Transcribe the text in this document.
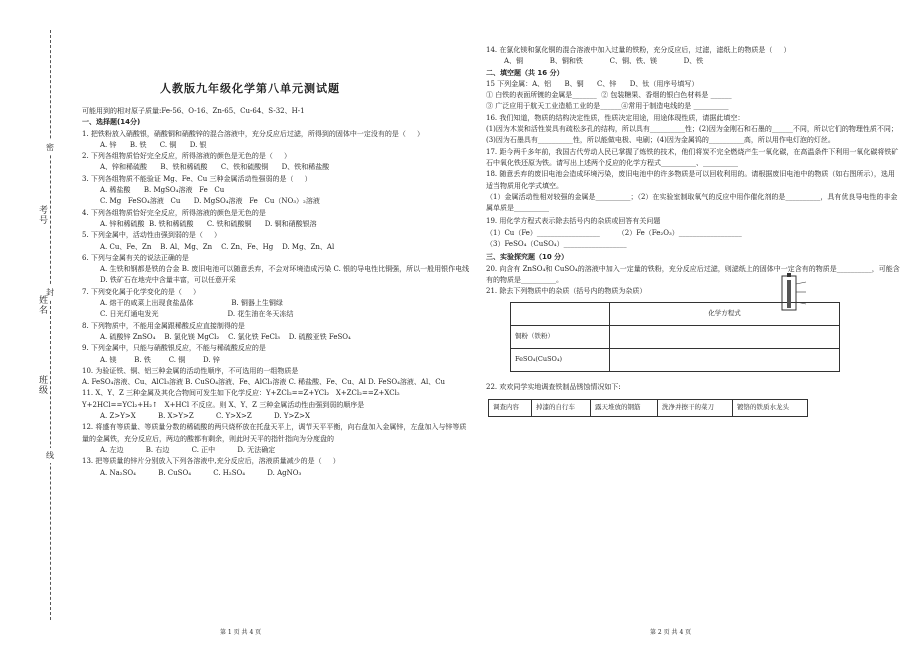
密
封
线
考号
姓名
班级
人教版九年级化学第八单元测试题

可能用到的相对原子质量:Fe-56、O-16、Zn-65、Cu-64、S-32、H-1

一、选择题(14分)

1. 把铁粉放入硝酸银，硝酸铜和硝酸锌的混合溶液中，充分反应后过滤，所得到的固体中一定没有的是（     ）

A. 锌      B. 铁      C. 铜      D. 银

2. 下列各组物质恰好完全反应，所得溶液的颜色是无色的是（     ）

A、锌和稀硫酸      B、铁和稀硫酸      C、铁和硫酸铜      D、铁和稀盐酸

3. 下列各组物质不能验证 Mg、Fe、Cu 三种金属活动性强弱的是（     ）

A. 稀盐酸      B. MgSO₄溶液   Fe   Cu

C. Mg   FeSO₄溶液   Cu      D. MgSO₄溶液   Fe   Cu（NO₃）₂溶液

4. 下列各组物质恰好完全反应，所得溶液的颜色是无色的是

A. 锌和稀硫酸  B. 铁和稀硫酸      C. 铁和硫酸铜      D. 铜和硝酸银溶

5. 下列金属中，活动性由强到弱的是（     ）

A. Cu、Fe、Zn    B. Al、Mg、Zn    C. Zn、Fe、Hg    D. Mg、Zn、Al

6. 下列与金属有关的说法正确的是

A. 生铁和钢都是铁的合金 B. 废旧电池可以随意丢弃，不会对环境造成污染 C. 银的导电性比铜强，所以一般用银作电线     D. 铁矿石在地壳中含量丰富，可以任意开采

7. 下列变化属于化学变化的是（     ）

A. 熔干的咸菜上出现食盐晶体                 B. 铜器上生铜绿

C. 日光灯通电发光                               D. 花生油在冬天冻结

8. 下列物质中，不能用金属跟稀酸反应直接制得的是

A. 硫酸锌 ZnSO₄    B. 氯化镁 MgCl₂    C. 氯化铁 FeCl₃    D. 硫酸亚铁 FeSO₄

9. 下列金属中，只能与硝酸银反应，不能与稀硫酸反应的是

A. 镁        B. 铁        C. 铜        D. 锌

10. 为验证铁、铜、铝三种金属的活动性顺序，不可选用的一组物质是

A. FeSO₄溶液、Cu、AlCl₃溶液 B. CuSO₄溶液、Fe、AlCl₃溶液 C. 稀盐酸、Fe、Cu、Al D. FeSO₄溶液、Al、Cu

11. X、Y、Z 三种金属及其化合物间可发生如下化学反应：Y+ZCl₂==Z+YCl₂   X+ZCl₂==Z+XCl₂   Y+2HCl==YCl₂+H₂↑   X+HCl 不反应。则 X、Y、Z 三种金属活动性由强到弱的顺序是

A. Z>Y>X          B. X>Y>Z          C. Y>X>Z          D. Y>Z>X

12. 将盛有等质量、等质量分数的稀硫酸的两只烧杯放在托盘天平上，调节天平平衡，向右盘加入金属锌，左盘加入与锌等质量的金属铁，充分反应后，两边的酸都有剩余，则此时天平的指针指向为分度盘的

A. 左边          B. 右边          C. 正中          D. 无法确定

13. 把等质量的锌片分别放入下列各溶液中,充分反应后，溶液质量减少的是（     ）

A. Na₂SO₄          B. CuSO₄          C. H₂SO₄          D. AgNO₃

第 1 页 共 4 页

14. 在氯化镁和氯化铜的混合溶液中加入过量的铁粉，充分反应后，过滤，滤纸上的物质是（     ）

A、铜            B、铜和铁            C、铜、铁、镁            D、铁

二、填空题（共 16 分）

15 下列金属：A、铝      B、铜      C、锌      D、钛（用序号填写）

① 白铁的表面所镀的金属是_______  ② 包装糖果、香烟的银白色材料是 ______

③ 广泛应用于航天工业造船工业的是______④常用于制造电线的是 __________

16. 我们知道，物质的结构决定性质，性质决定用途，用途体现性质，请据此填空：

(1)因为木炭和活性炭具有疏松多孔的结构，所以具有__________性；(2)因为金刚石和石墨的______不同，所以它们的物理性质不同；(3)因为石墨具有__________性，所以能做电极、电刷；(4)因为金属钨的__________高，所以用作电灯泡的灯丝。

17. 距今两千多年前，我国古代劳动人民已掌握了炼铁的技术，他们将炭不完全燃烧产生一氧化碳，在高温条件下利用一氧化碳将铁矿石中氧化铁还原为铁。请写出上述两个反应的化学方程式__________、__________

18. 随意丢弃的废旧电池会造成环境污染，废旧电池中的许多物质是可以回收利用的。请根据废旧电池中的物质（如右图所示），选用适当物质用化学式填空。

（1）金属活动性相对较强的金属是__________；（2）在实验室制取氧气的反应中用作催化剂的是__________，具有优良导电性的非金属单质是__________

19. 用化学方程式表示除去括号内的杂质或回答有关问题

（1）Cu（Fe）__________________        （2）Fe（Fe₂O₃）__________________

（3）FeSO₄（CuSO₄）__________________

三、实验探究题（10 分）

20. 向含有 ZnSO₄和 CuSO₄的溶液中加入一定量的铁粉，充分反应后过滤，则滤纸上的固体中一定含有的物质是__________，可能含有的物质是__________。

21. 除去下列物质中的杂质（括号内的物质为杂质）

	化学方程式
铜粉（铁粉）	
FeSO₄(CuSO₄)	

22. 欢欢同学实地调查铁制品锈蚀情况如下:

调查内容	掉漆的自行车	露天堆放的钢筋	洗净并擦干的菜刀	镀铬的铁质水龙头
第 2 页 共 4 页
